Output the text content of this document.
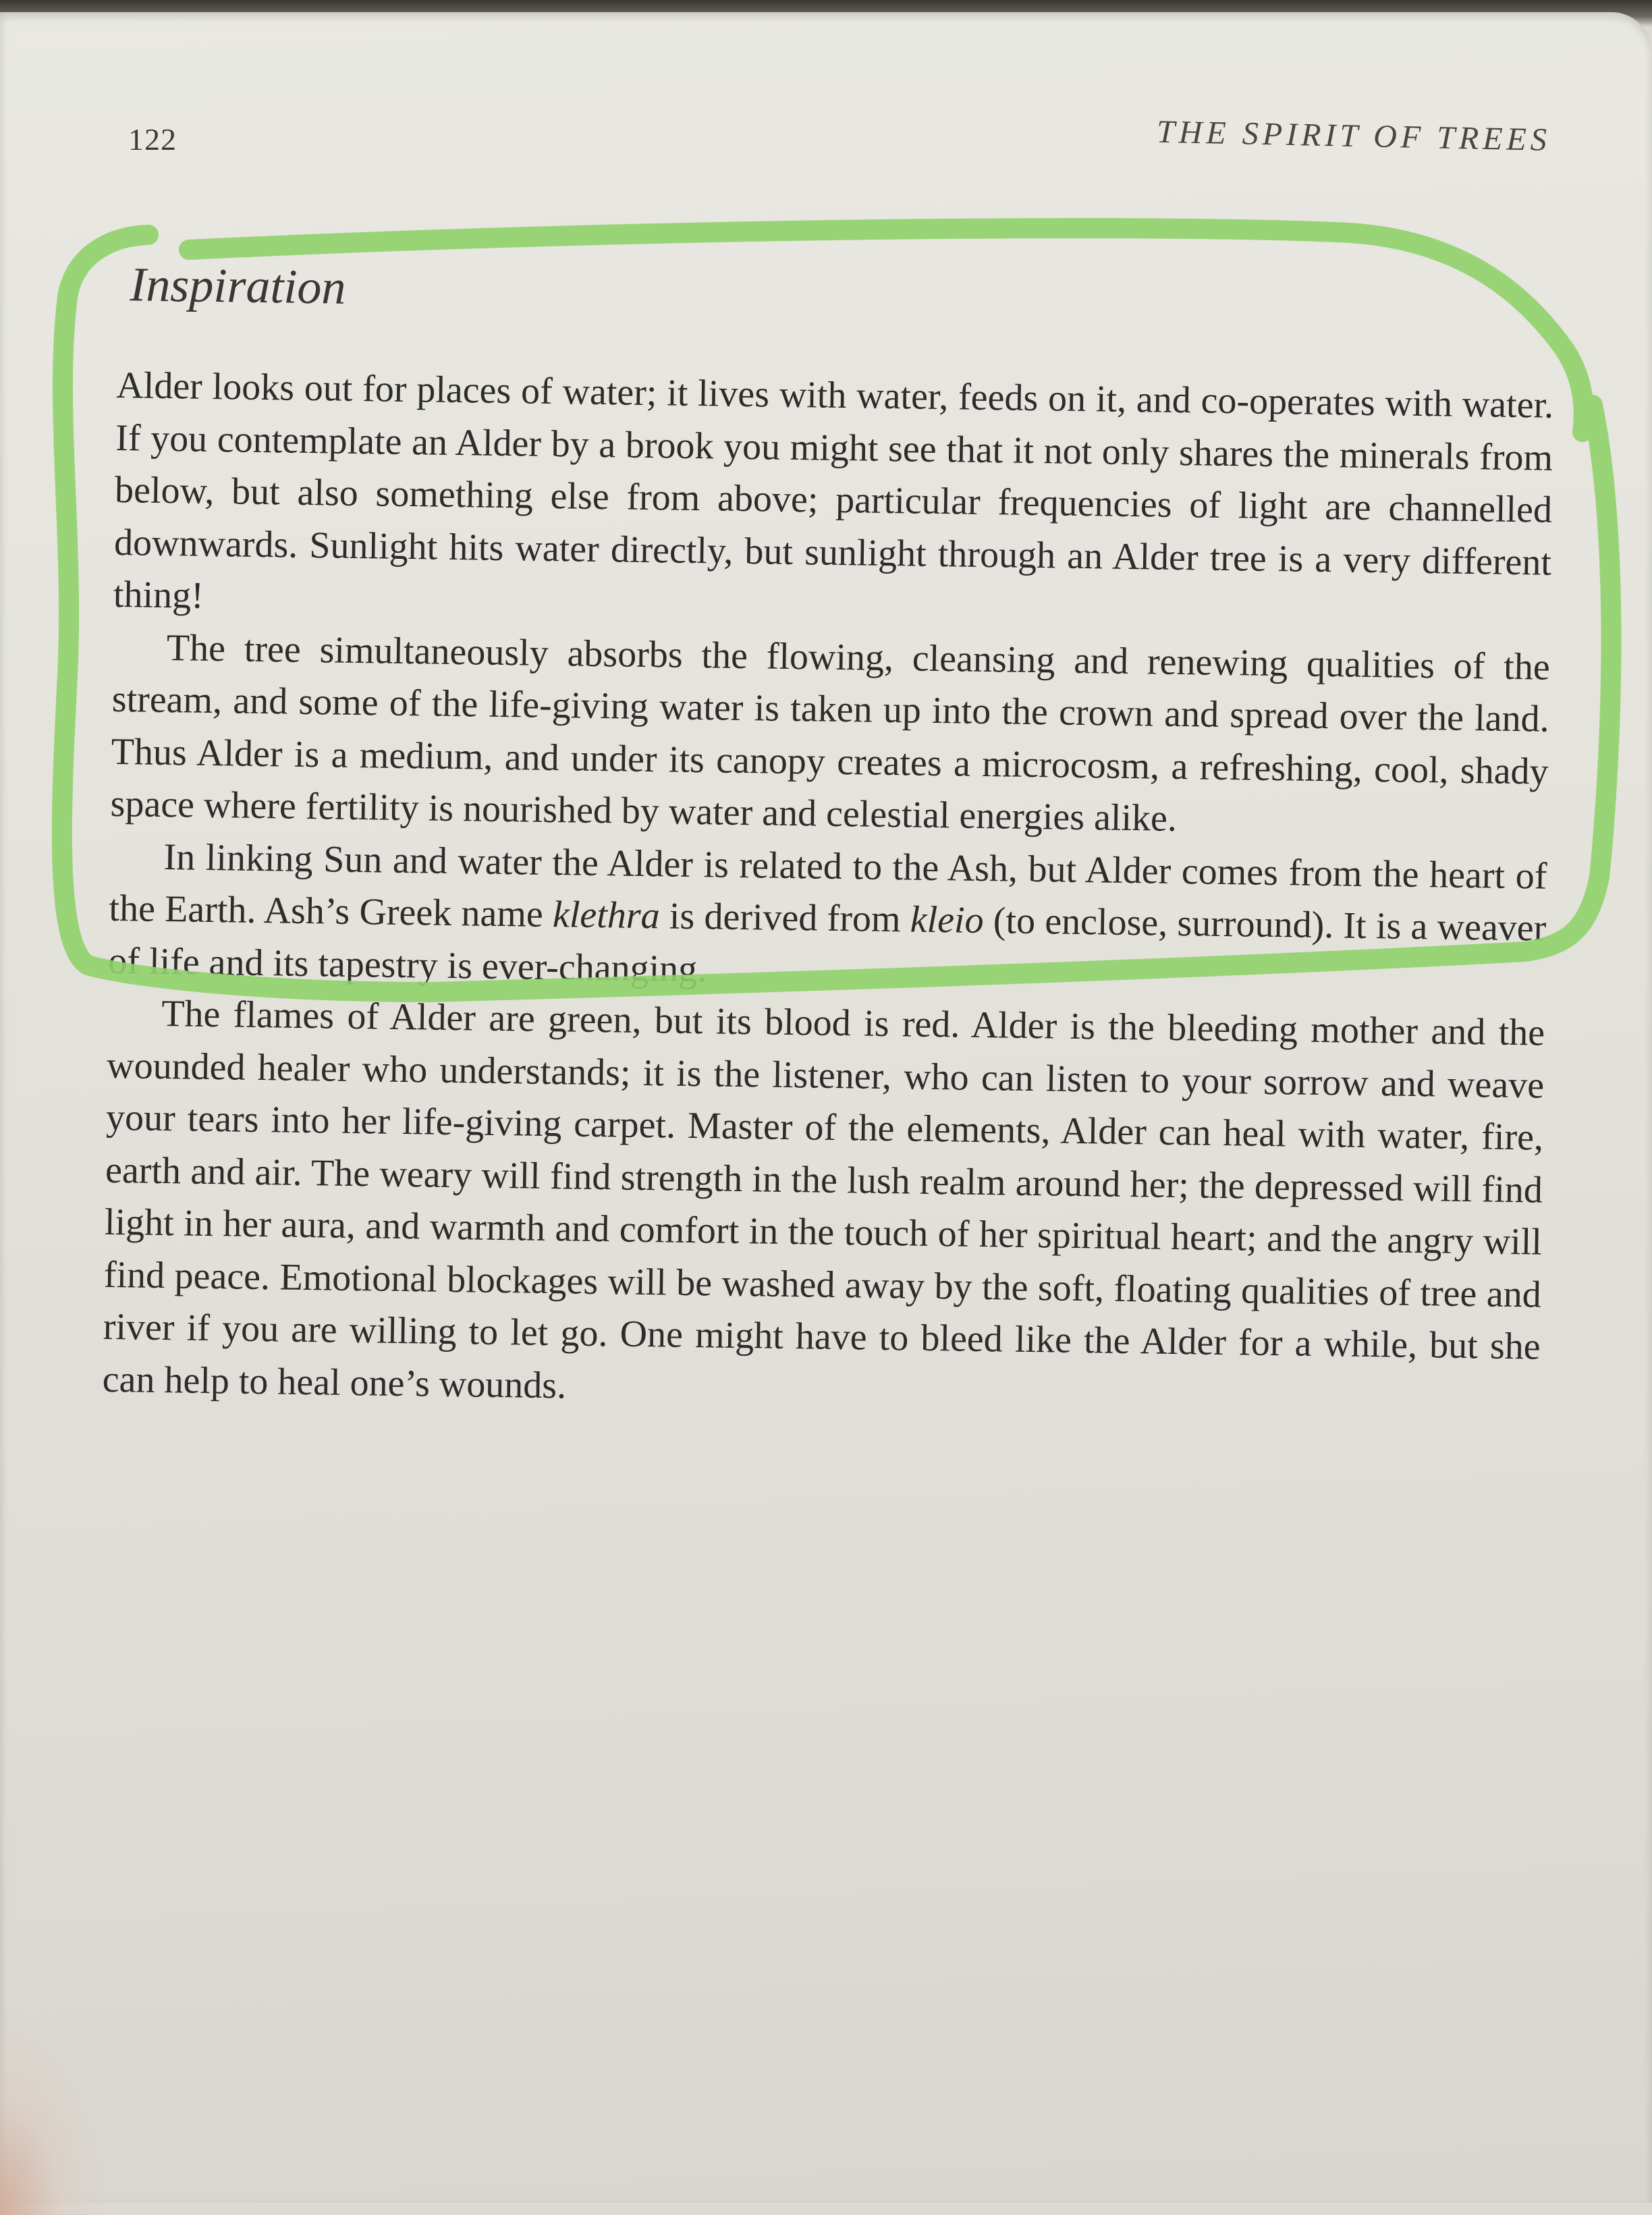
122	THE SPIRIT OF TREES
Inspiration

Alder looks out for places of water; it lives with water, feeds on it, and co-operates with water. If you contemplate an Alder by a brook you might see that it not only shares the minerals from below, but also something else from above; particular frequencies of light are channelled downwards. Sunlight hits water directly, but sunlight through an Alder tree is a very different thing!

The tree simultaneously absorbs the flowing, cleansing and renewing qualities of the stream, and some of the life-giving water is taken up into the crown and spread over the land. Thus Alder is a medium, and under its canopy creates a microcosm, a refreshing, cool, shady space where fertility is nourished by water and celestial energies alike.

In linking Sun and water the Alder is related to the Ash, but Alder comes from the heart of the Earth. Ash’s Greek name klethra is derived from kleio (to enclose, surround). It is a weaver of life and its tapestry is ever-changing.

The flames of Alder are green, but its blood is red. Alder is the bleeding mother and the wounded healer who understands; it is the listener, who can listen to your sorrow and weave your tears into her life-giving carpet. Master of the elements, Alder can heal with water, fire, earth and air. The weary will find strength in the lush realm around her; the depressed will find light in her aura, and warmth and comfort in the touch of her spiritual heart; and the angry will find peace. Emotional blockages will be washed away by the soft, floating qualities of tree and river if you are willing to let go. One might have to bleed like the Alder for a while, but she can help to heal one’s wounds.
